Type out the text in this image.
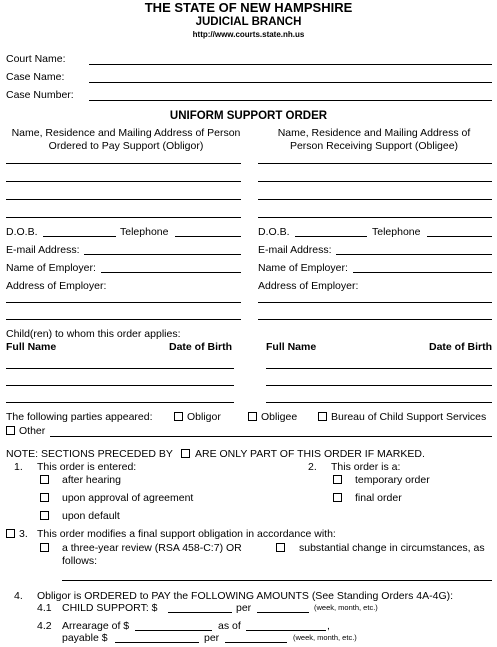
THE STATE OF NEW HAMPSHIRE
JUDICIAL BRANCH
http://www.courts.state.nh.us
Court Name:
Case Name:
Case Number:
UNIFORM SUPPORT ORDER
Name, Residence and Mailing Address of Person
Ordered to Pay Support (Obligor)
D.O.B.	Telephone
E-mail Address:
Name of Employer:
Address of Employer:
Name, Residence and Mailing Address of
Person Receiving Support (Obligee)
D.O.B.	Telephone
E-mail Address:
Name of Employer:
Address of Employer:
Child(ren) to whom this order applies:
Full Name	Date of Birth	Full Name	Date of Birth
The following parties appeared:	Obligor	Obligee	Bureau of Child Support Services
Other
NOTE: SECTIONS PRECEDED BY ARE ONLY PART OF THIS ORDER IF MARKED.
1. This order is entered:
after hearing
upon approval of agreement
upon default
2. This order is a:
temporary order
final order
3. This order modifies a final support obligation in accordance with:
a three-year review (RSA 458-C:7) OR	substantial change in circumstances, as
follows:
4. Obligor is ORDERED to PAY the FOLLOWING AMOUNTS (See Standing Orders 4A-4G):
4.1 CHILD SUPPORT: $	per	(week, month, etc.)
4.2 Arrearage of $	as of	,
payable $	per	(week, month, etc.)
